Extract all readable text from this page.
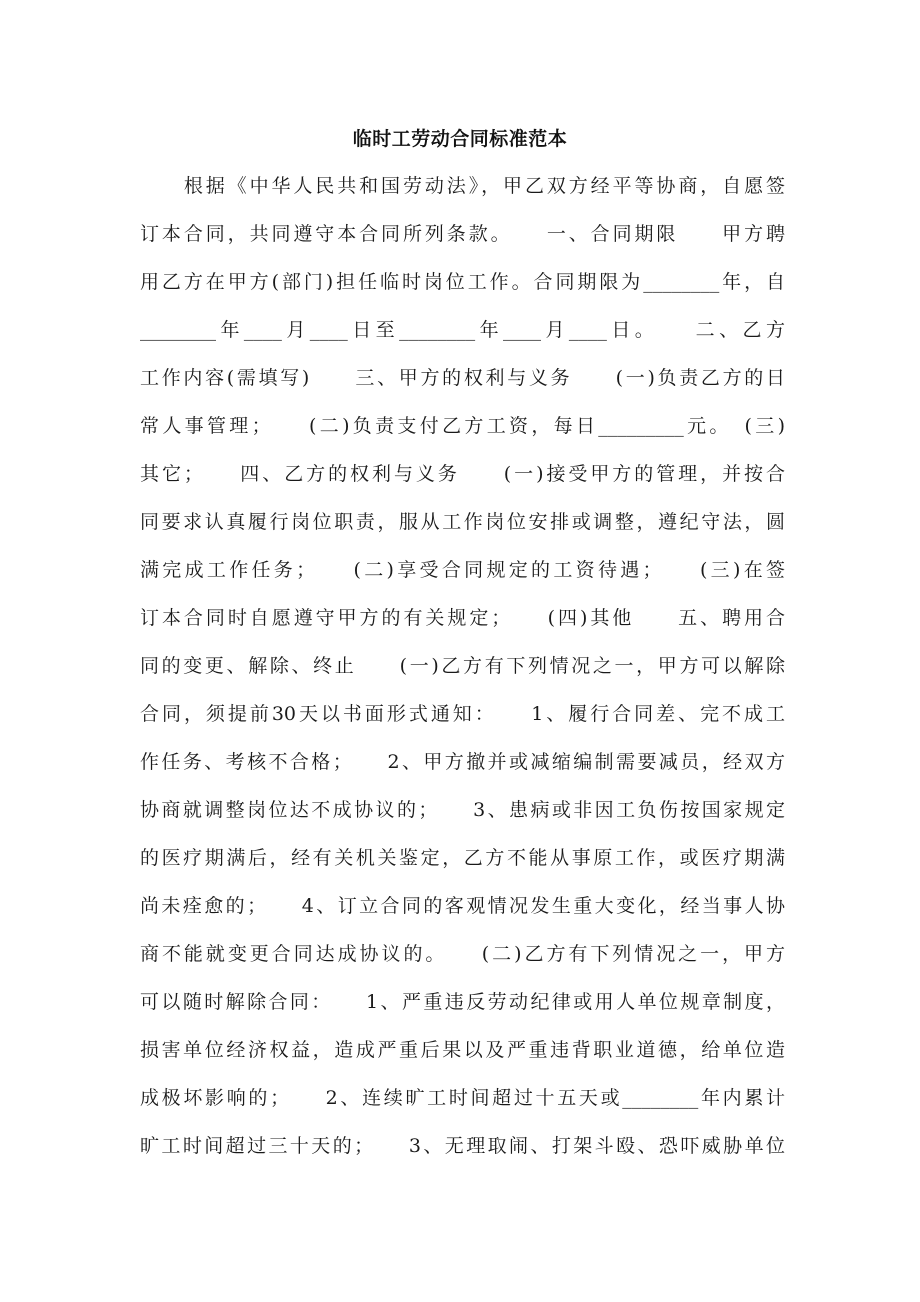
临时工劳动合同标准范本
　　根据《中华人民共和国劳动法》，甲乙双方经平等协商，自愿签
订本合同，共同遵守本合同所列条款。　　一、合同期限　　甲方聘
用乙方在甲方(部门)担任临时岗位工作。合同期限为________年，自
________年____月____日至________年____月____日。　　二、乙方
工作内容(需填写)　　三、甲方的权利与义务　　(一)负责乙方的日
常人事管理；　　(二)负责支付乙方工资，每日_________元。　(三)
其它；　　四、乙方的权利与义务　　(一)接受甲方的管理，并按合
同要求认真履行岗位职责，服从工作岗位安排或调整，遵纪守法，圆
满完成工作任务；　　(二)享受合同规定的工资待遇；　　(三)在签
订本合同时自愿遵守甲方的有关规定；　　(四)其他　　五、聘用合
同的变更、解除、终止　　(一)乙方有下列情况之一，甲方可以解除
合同，须提前30天以书面形式通知：　　1、履行合同差、完不成工
作任务、考核不合格；　　2、甲方撤并或减缩编制需要减员，经双方
协商就调整岗位达不成协议的；　　3、患病或非因工负伤按国家规定
的医疗期满后，经有关机关鉴定，乙方不能从事原工作，或医疗期满
尚未痊愈的；　　4、订立合同的客观情况发生重大变化，经当事人协
商不能就变更合同达成协议的。　　(二)乙方有下列情况之一，甲方
可以随时解除合同：　　1、严重违反劳动纪律或用人单位规章制度，
损害单位经济权益，造成严重后果以及严重违背职业道德，给单位造
成极坏影响的；　　2、连续旷工时间超过十五天或________年内累计
旷工时间超过三十天的；　　3、无理取闹、打架斗殴、恐吓威胁单位
